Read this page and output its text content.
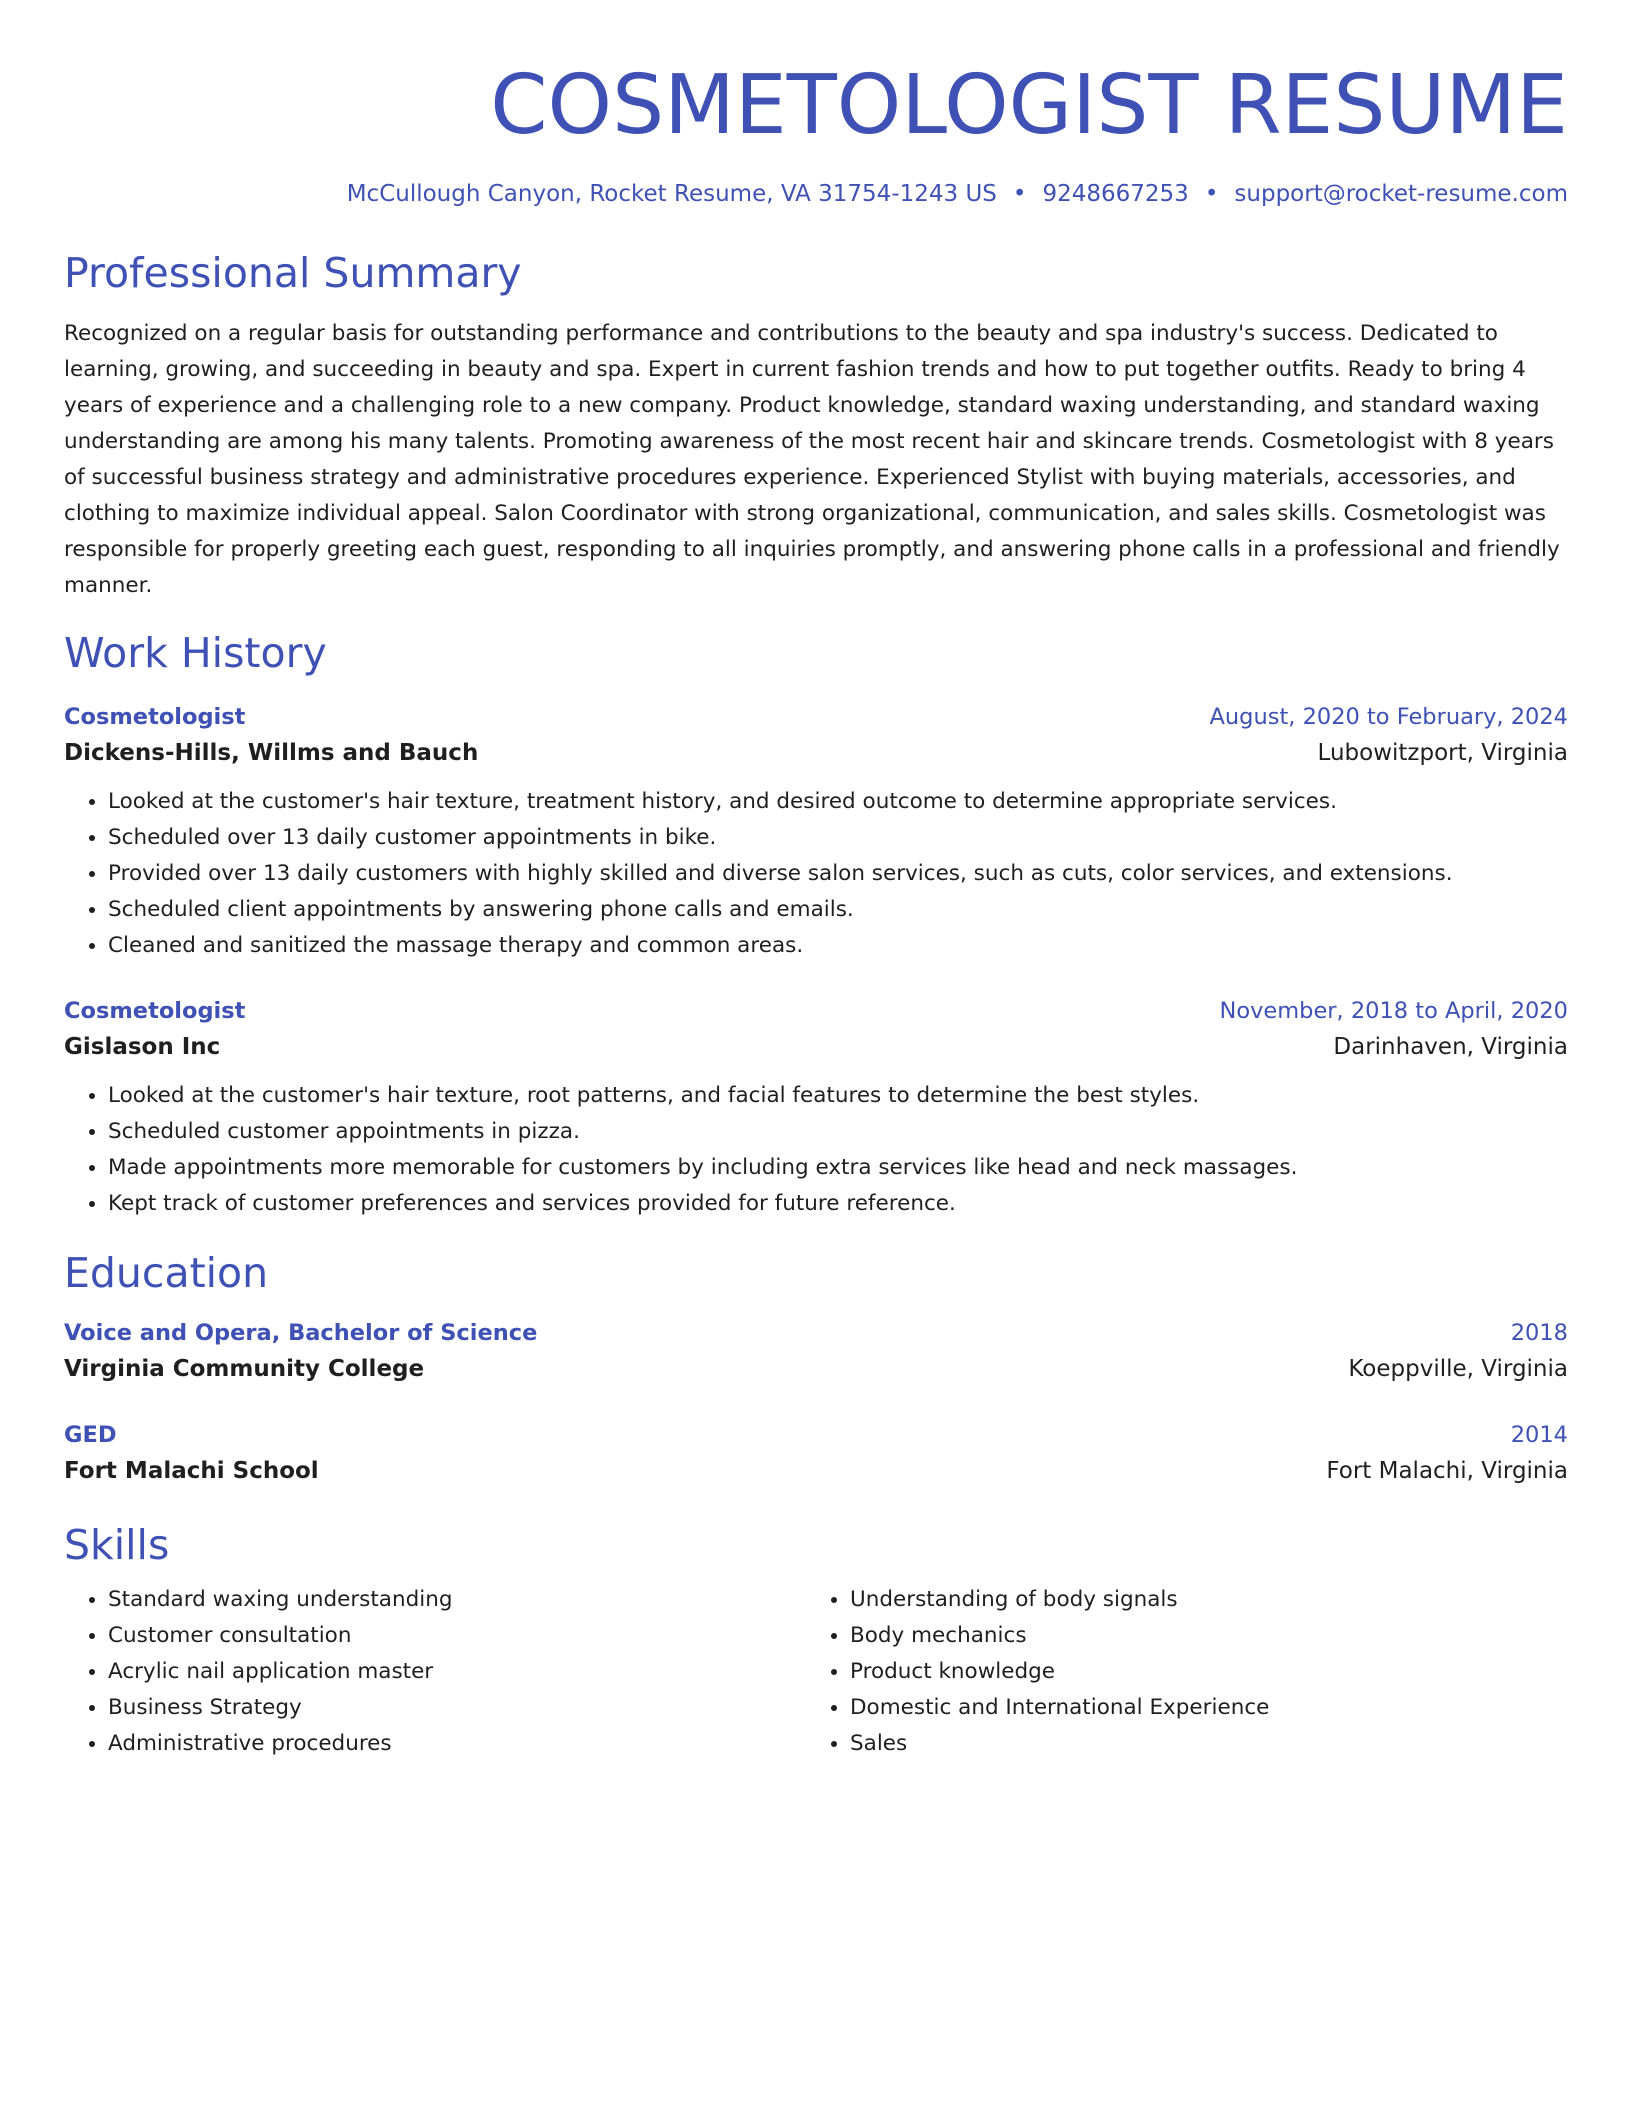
COSMETOLOGIST RESUME
McCullough Canyon, Rocket Resume, VA 31754-1243 US • 9248667253 • support@rocket-resume.com
Professional Summary
Recognized on a regular basis for outstanding performance and contributions to the beauty and spa industry's success. Dedicated to learning, growing, and succeeding in beauty and spa. Expert in current fashion trends and how to put together outfits. Ready to bring 4 years of experience and a challenging role to a new company. Product knowledge, standard waxing understanding, and standard waxing understanding are among his many talents. Promoting awareness of the most recent hair and skincare trends. Cosmetologist with 8 years of successful business strategy and administrative procedures experience. Experienced Stylist with buying materials, accessories, and clothing to maximize individual appeal. Salon Coordinator with strong organizational, communication, and sales skills. Cosmetologist was responsible for properly greeting each guest, responding to all inquiries promptly, and answering phone calls in a professional and friendly manner.
Work History
Cosmetologist	August, 2020 to February, 2024
Dickens-Hills, Willms and Bauch	Lubowitzport, Virginia
• Looked at the customer's hair texture, treatment history, and desired outcome to determine appropriate services.
• Scheduled over 13 daily customer appointments in bike.
• Provided over 13 daily customers with highly skilled and diverse salon services, such as cuts, color services, and extensions.
• Scheduled client appointments by answering phone calls and emails.
• Cleaned and sanitized the massage therapy and common areas.
Cosmetologist	November, 2018 to April, 2020
Gislason Inc	Darinhaven, Virginia
• Looked at the customer's hair texture, root patterns, and facial features to determine the best styles.
• Scheduled customer appointments in pizza.
• Made appointments more memorable for customers by including extra services like head and neck massages.
• Kept track of customer preferences and services provided for future reference.
Education
Voice and Opera, Bachelor of Science	2018
Virginia Community College	Koeppville, Virginia
GED	2014
Fort Malachi School	Fort Malachi, Virginia
Skills
• Standard waxing understanding
• Customer consultation
• Acrylic nail application master
• Business Strategy
• Administrative procedures
• Understanding of body signals
• Body mechanics
• Product knowledge
• Domestic and International Experience
• Sales
